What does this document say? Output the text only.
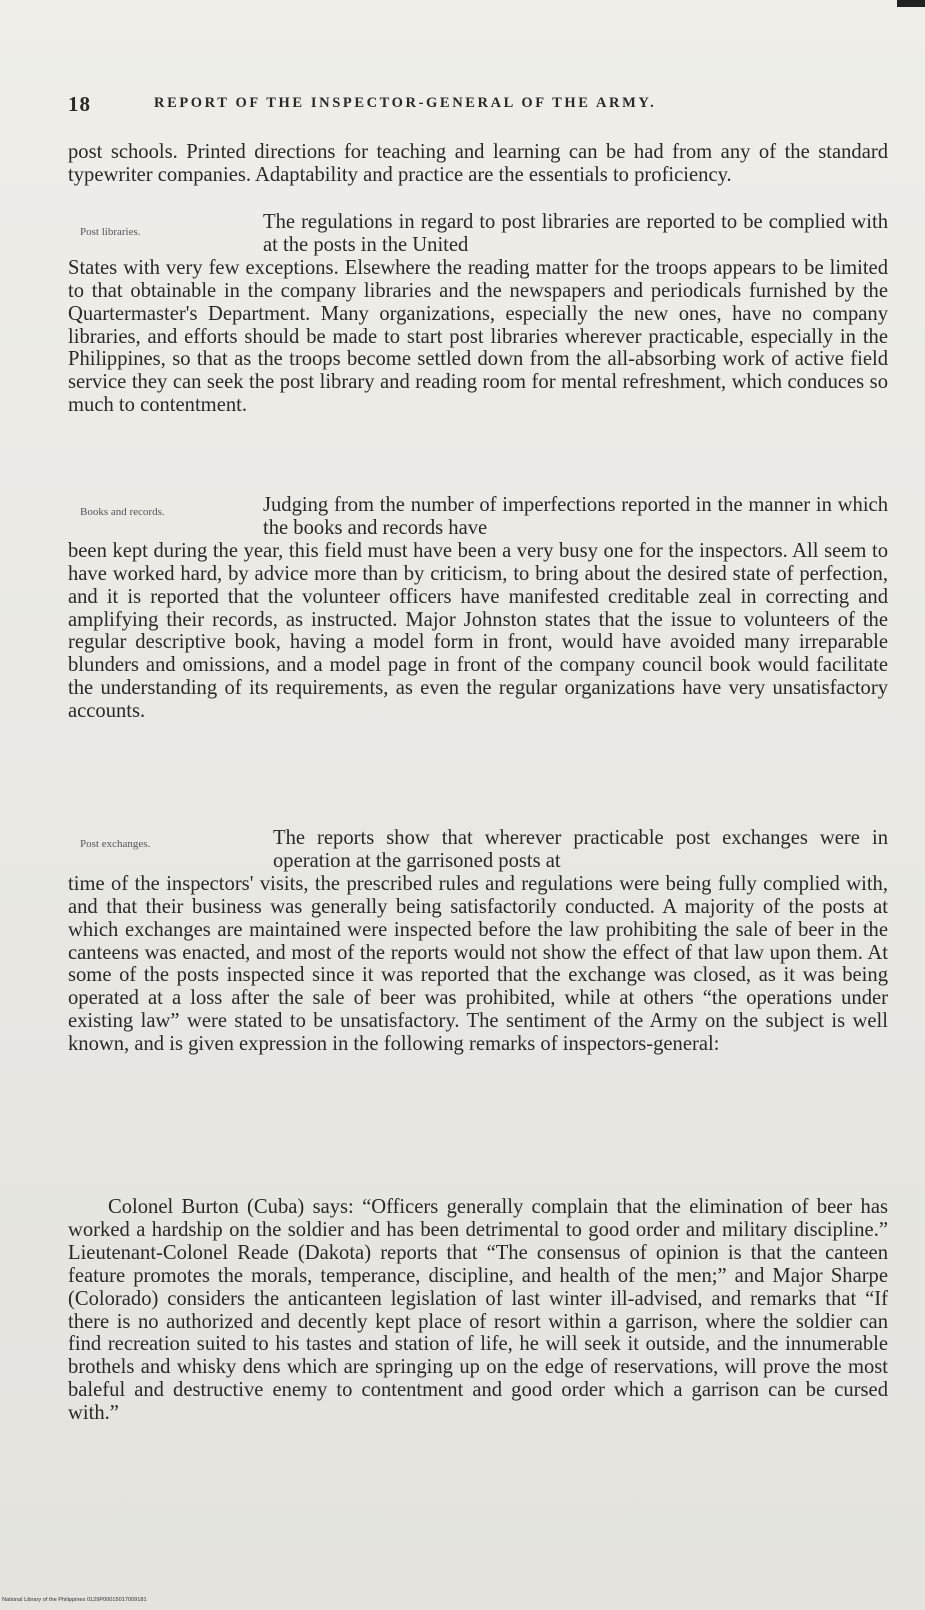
18	REPORT OF THE INSPECTOR-GENERAL OF THE ARMY.

post schools. Printed directions for teaching and learning can be had from any of the standard typewriter companies. Adaptability and practice are the essentials to proficiency.

Post libraries.	The regulations in regard to post libraries are reported to be complied with at the posts in the United
States with very few exceptions. Elsewhere the reading matter for the troops appears to be limited to that obtainable in the company libraries and the newspapers and periodicals furnished by the Quartermaster's Department. Many organizations, especially the new ones, have no company libraries, and efforts should be made to start post libraries wherever practicable, especially in the Philippines, so that as the troops become settled down from the all-absorbing work of active field service they can seek the post library and reading room for mental refreshment, which conduces so much to contentment.
Books and records.	Judging from the number of imperfections reported in the manner in which the books and records have
been kept during the year, this field must have been a very busy one for the inspectors. All seem to have worked hard, by advice more than by criticism, to bring about the desired state of perfection, and it is reported that the volunteer officers have manifested creditable zeal in correcting and amplifying their records, as instructed. Major Johnston states that the issue to volunteers of the regular descriptive book, having a model form in front, would have avoided many irreparable blunders and omissions, and a model page in front of the company council book would facilitate the understanding of its requirements, as even the regular organizations have very unsatisfactory accounts.
Post exchanges.	The reports show that wherever practicable post exchanges were in operation at the garrisoned posts at
time of the inspectors' visits, the prescribed rules and regulations were being fully complied with, and that their business was generally being satisfactorily conducted. A majority of the posts at which exchanges are maintained were inspected before the law prohibiting the sale of beer in the canteens was enacted, and most of the reports would not show the effect of that law upon them. At some of the posts inspected since it was reported that the exchange was closed, as it was being operated at a loss after the sale of beer was prohibited, while at others “the operations under existing law” were stated to be unsatisfactory. The sentiment of the Army on the subject is well known, and is given expression in the following remarks of inspectors-general:

Colonel Burton (Cuba) says: “Officers generally complain that the elimination of beer has worked a hardship on the soldier and has been detrimental to good order and military discipline.” Lieutenant-Colonel Reade (Dakota) reports that “The consensus of opinion is that the canteen feature promotes the morals, temperance, discipline, and health of the men;” and Major Sharpe (Colorado) considers the anticanteen legislation of last winter ill-advised, and remarks that “If there is no authorized and decently kept place of resort within a garrison, where the soldier can find recreation suited to his tastes and station of life, he will seek it outside, and the innumerable brothels and whisky dens which are springing up on the edge of reservations, will prove the most baleful and destructive enemy to contentment and good order which a garrison can be cursed with.”

National Library of the Philippines 0129P00015017009181
